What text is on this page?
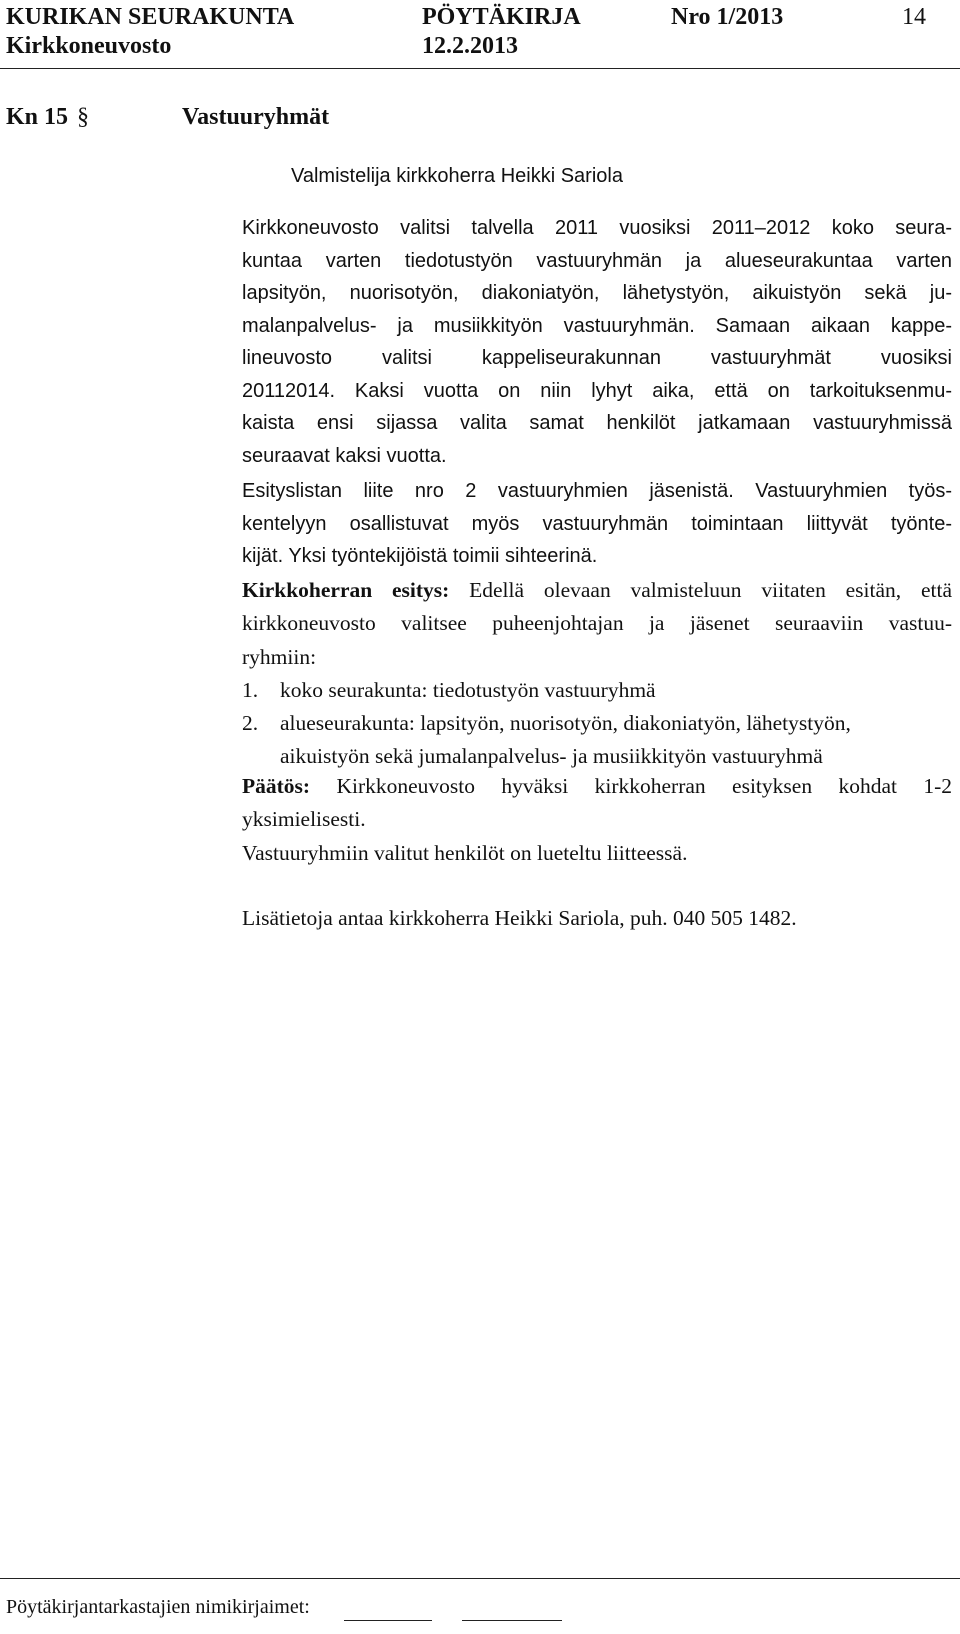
KURIKAN SEURAKUNTA	PÖYTÄKIRJA	Nro 1/2013	14
Kirkkoneuvosto	12.2.2013
Kn 15 §	Vastuuryhmät
Valmistelija kirkkoherra Heikki Sariola
Kirkkoneuvosto valitsi talvella 2011 vuosiksi 2011–2012 koko seura-
kuntaa varten tiedotustyön vastuuryhmän ja alueseurakuntaa varten
lapsityön, nuorisotyön, diakoniatyön, lähetystyön, aikuistyön sekä ju-
malanpalvelus- ja musiikkityön vastuuryhmän. Samaan aikaan kappe-
lineuvosto valitsi kappeliseurakunnan vastuuryhmät vuosiksi
20112014. Kaksi vuotta on niin lyhyt aika, että on tarkoituksenmu-
kaista ensi sijassa valita samat henkilöt jatkamaan vastuuryhmissä
seuraavat kaksi vuotta.
Esityslistan liite nro 2 vastuuryhmien jäsenistä. Vastuuryhmien työs-
kentelyyn osallistuvat myös vastuuryhmän toimintaan liittyvät työnte-
kijät. Yksi työntekijöistä toimii sihteerinä.
Kirkkoherran esitys: Edellä olevaan valmisteluun viitaten esitän, että
kirkkoneuvosto valitsee puheenjohtajan ja jäsenet seuraaviin vastuu-
ryhmiin:
1. koko seurakunta: tiedotustyön vastuuryhmä
2. alueseurakunta: lapsityön, nuorisotyön, diakoniatyön, lähetystyön,
aikuistyön sekä jumalanpalvelus- ja musiikkityön vastuuryhmä
Päätös: Kirkkoneuvosto hyväksi kirkkoherran esityksen kohdat 1-2
yksimielisesti.
Vastuuryhmiin valitut henkilöt on lueteltu liitteessä.
Lisätietoja antaa kirkkoherra Heikki Sariola, puh. 040 505 1482.
Pöytäkirjantarkastajien nimikirjaimet:
